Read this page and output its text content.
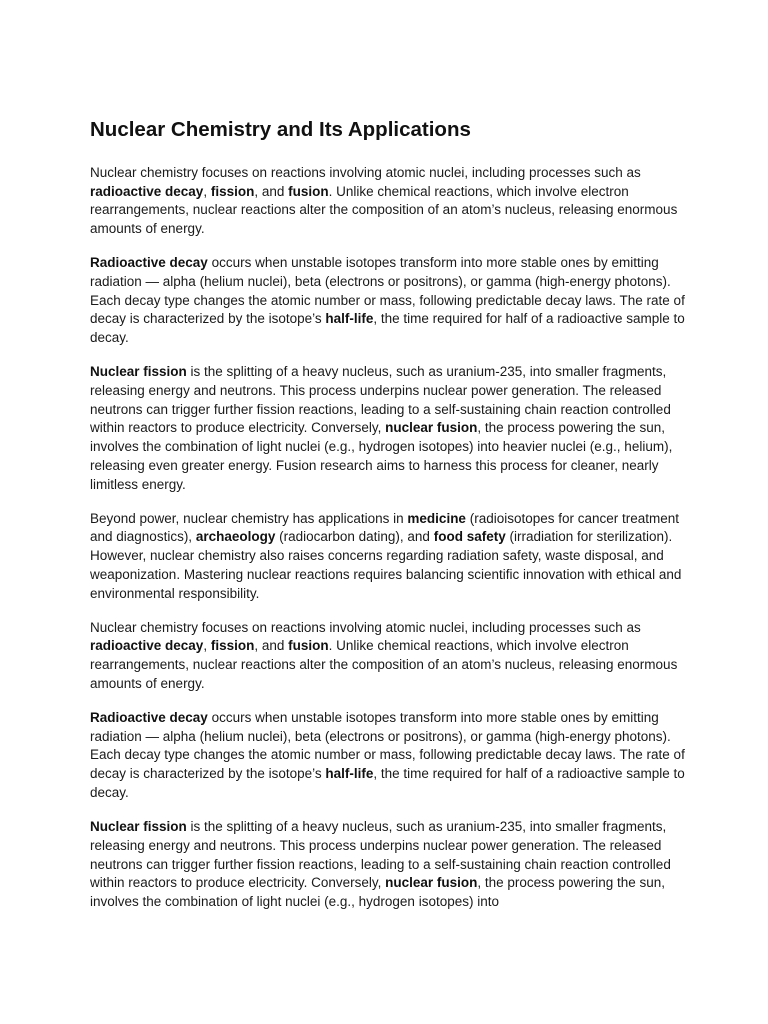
Nuclear Chemistry and Its Applications

Nuclear chemistry focuses on reactions involving atomic nuclei, including processes such as radioactive decay, fission, and fusion. Unlike chemical reactions, which involve electron rearrangements, nuclear reactions alter the composition of an atom’s nucleus, releasing enormous amounts of energy.

Radioactive decay occurs when unstable isotopes transform into more stable ones by emitting radiation — alpha (helium nuclei), beta (electrons or positrons), or gamma (high-energy photons). Each decay type changes the atomic number or mass, following predictable decay laws. The rate of decay is characterized by the isotope’s half-life, the time required for half of a radioactive sample to decay.

Nuclear fission is the splitting of a heavy nucleus, such as uranium-235, into smaller fragments, releasing energy and neutrons. This process underpins nuclear power generation. The released neutrons can trigger further fission reactions, leading to a self-sustaining chain reaction controlled within reactors to produce electricity. Conversely, nuclear fusion, the process powering the sun, involves the combination of light nuclei (e.g., hydrogen isotopes) into heavier nuclei (e.g., helium), releasing even greater energy. Fusion research aims to harness this process for cleaner, nearly limitless energy.

Beyond power, nuclear chemistry has applications in medicine (radioisotopes for cancer treatment and diagnostics), archaeology (radiocarbon dating), and food safety (irradiation for sterilization). However, nuclear chemistry also raises concerns regarding radiation safety, waste disposal, and weaponization. Mastering nuclear reactions requires balancing scientific innovation with ethical and environmental responsibility.

Nuclear chemistry focuses on reactions involving atomic nuclei, including processes such as radioactive decay, fission, and fusion. Unlike chemical reactions, which involve electron rearrangements, nuclear reactions alter the composition of an atom’s nucleus, releasing enormous amounts of energy.

Radioactive decay occurs when unstable isotopes transform into more stable ones by emitting radiation — alpha (helium nuclei), beta (electrons or positrons), or gamma (high-energy photons). Each decay type changes the atomic number or mass, following predictable decay laws. The rate of decay is characterized by the isotope’s half-life, the time required for half of a radioactive sample to decay.

Nuclear fission is the splitting of a heavy nucleus, such as uranium-235, into smaller fragments, releasing energy and neutrons. This process underpins nuclear power generation. The released neutrons can trigger further fission reactions, leading to a self-sustaining chain reaction controlled within reactors to produce electricity. Conversely, nuclear fusion, the process powering the sun, involves the combination of light nuclei (e.g., hydrogen isotopes) into
